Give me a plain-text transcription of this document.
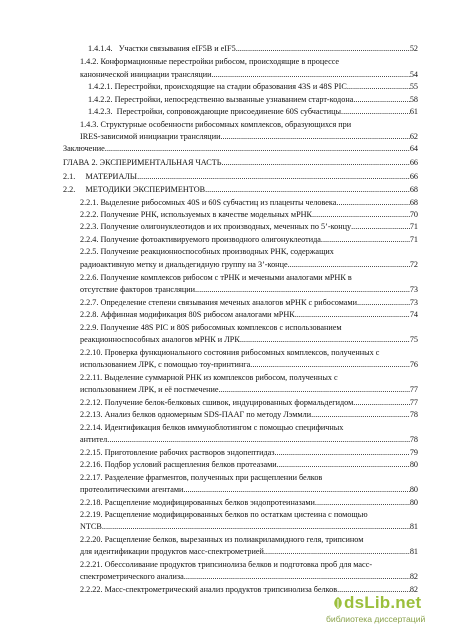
1.4.1.4.   Участки связывания eIF5B и eIF5 .....	52
1.4.2. Конформационные перестройки рибосом, происходящие в процессе
канонической инициации трансляции .....	54
1.4.2.1. Перестройки, происходящие на стадии образования 43S и 48S PIC .....	55
1.4.2.2. Перестройки, непосредственно вызванные узнаванием старт-кодона .....	58
1.4.2.3.  Перестройки, сопровождающие присоединение 60S субчастицы .....	61
1.4.3. Структурные особенности рибосомных комплексов, образующихся при
IRES-зависимой инициации трансляции .....	62
Заключение .....	64
ГЛАВА 2. ЭКСПЕРИМЕНТАЛЬНАЯ ЧАСТЬ .....	66
2.1.     МАТЕРИАЛЫ .....	66
2.2.     МЕТОДИКИ ЭКСПЕРИМЕНТОВ .....	68
2.2.1. Выделение рибосомных 40S и 60S субчастиц из плаценты человека. .....	68
2.2.2. Получение РНК, используемых в качестве модельных мРНК .....	70
2.2.3. Получение олигонуклеотидов и их производных, меченных по 5’-концу .....	71
2.2.4. Получение фотоактивируемого производного олигонуклеотида .....	71
2.2.5. Получение реакционноспособных производных РНК, содержащих
радиоактивную метку и диальдегидную группу на 3’-конце .....	72
2.2.6. Получение комплексов рибосом с тРНК и мечеными аналогами мРНК в
отсутствие факторов трансляции .....	73
2.2.7. Определение степени связывания меченых аналогов мРНК с рибосомами .....	73
2.2.8. Аффинная модификация 80S рибосом аналогами мРНК .....	74
2.2.9. Получение 48S PIC и 80S рибосомных комплексов с использованием
реакционноспособных аналогов мРНК и ЛРК .....	75
2.2.10. Проверка функционального состояния рибосомных комплексов, полученных с
использованием ЛРК, с помощью тоу-принтинга .....	76
2.2.11. Выделение суммарной РНК из комплексов рибосом, полученных с
использованием ЛРК, и её постмечение .....	77
2.2.12. Получение белок-белковых сшивок, индуцированных формальдегидом .....	77
2.2.13. Анализ белков одномерным SDS-ПААГ по методу Лэммли .....	78
2.2.14. Идентификация белков иммуноблотингом с помощью специфичных
антител .....	78
2.2.15. Приготовление рабочих растворов эндопептидаз .....	79
2.2.16. Подбор условий расщепления белков протеазами .....	80
2.2.17. Разделение фрагментов, полученных при расщеплении белков
протеолитическими агентами .....	80
2.2.18. Расщепление модифицированных белков эндопротеиназами .....	80
2.2.19. Расщепление модифицированных белков по остаткам цистеина с помощью
NTCB .....	81
2.2.20. Расщепление белков, вырезанных из полиакриламидного геля, трипсином
для идентификации продуктов масс-спектрометрией .....	81
2.2.21. Обессоливание продуктов трипсинолиза белков и подготовка проб для масс-
спектрометрического анализа .....	82
2.2.22. Масс-спектрометрический анализ продуктов трипсинолиза белков .....	82
dsLib.net
библиотека диссертаций
